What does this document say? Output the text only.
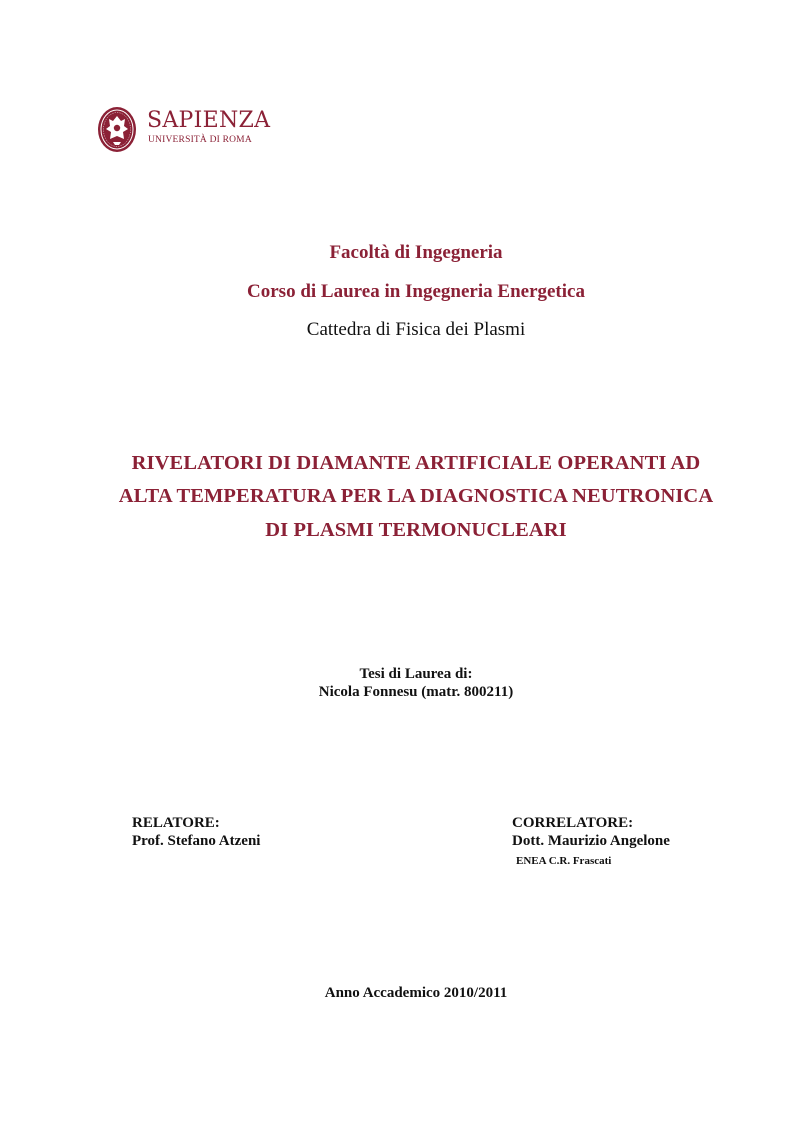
SAPIENZA
UNIVERSITÀ DI ROMA
Facoltà di Ingegneria
Corso di Laurea in Ingegneria Energetica
Cattedra di Fisica dei Plasmi
RIVELATORI DI DIAMANTE ARTIFICIALE OPERANTI AD
ALTA TEMPERATURA PER LA DIAGNOSTICA NEUTRONICA
DI PLASMI TERMONUCLEARI
Tesi di Laurea di:
Nicola Fonnesu (matr. 800211)
RELATORE:
Prof. Stefano Atzeni
CORRELATORE:
Dott. Maurizio Angelone
ENEA C.R. Frascati
Anno Accademico 2010/2011
